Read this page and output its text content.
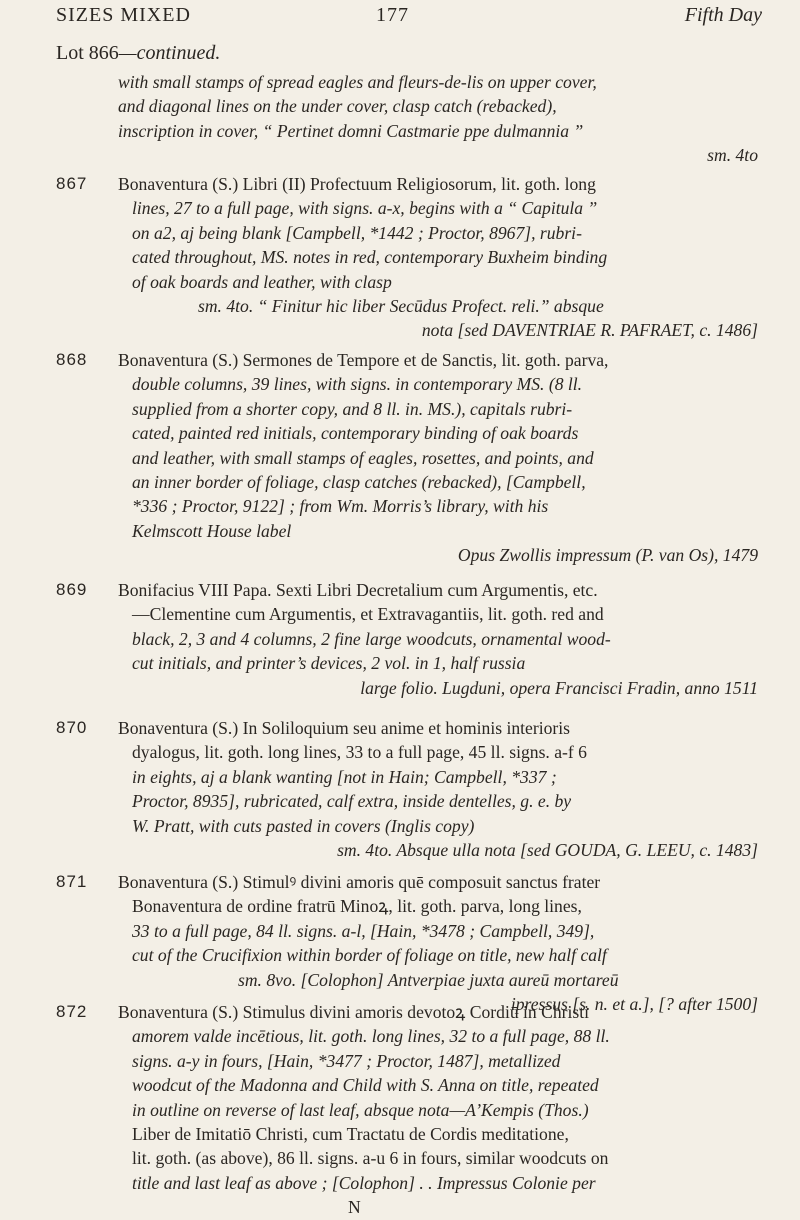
SIZES MIXED	177	Fifth Day
Lot 866—continued.
with small stamps of spread eagles and fleurs-de-lis on upper cover,
and diagonal lines on the under cover, clasp catch (rebacked),
inscription in cover, “ Pertinet domni Castmarie ppe dulmannia ”
sm. 4to
867	Bonaventura (S.) Libri (II) Profectuum Religiosorum, lit. goth. long
lines, 27 to a full page, with signs. a-x, begins with a “ Capitula ”
on a2, aj being blank [Campbell, *1442 ; Proctor, 8967], rubri-
cated throughout, MS. notes in red, contemporary Buxheim binding
of oak boards and leather, with clasp
sm. 4to. “ Finitur hic liber Secūdus Profect. reli.” absque
nota [sed DAVENTRIAE R. PAFRAET, c. 1486]
868	Bonaventura (S.) Sermones de Tempore et de Sanctis, lit. goth. parva,
double columns, 39 lines, with signs. in contemporary MS. (8 ll.
supplied from a shorter copy, and 8 ll. in. MS.), capitals rubri-
cated, painted red initials, contemporary binding of oak boards
and leather, with small stamps of eagles, rosettes, and points, and
an inner border of foliage, clasp catches (rebacked), [Campbell,
*336 ; Proctor, 9122] ; from Wm. Morris’s library, with his
Kelmscott House label
Opus Zwollis impressum (P. van Os), 1479
869	Bonifacius VIII Papa. Sexti Libri Decretalium cum Argumentis, etc.
—Clementine cum Argumentis, et Extravagantiis, lit. goth. red and
black, 2, 3 and 4 columns, 2 fine large woodcuts, ornamental wood-
cut initials, and printer’s devices, 2 vol. in 1, half russia
large folio. Lugduni, opera Francisci Fradin, anno 1511
870	Bonaventura (S.) In Soliloquium seu anime et hominis interioris
dyalogus, lit. goth. long lines, 33 to a full page, 45 ll. signs. a-f 6
in eights, aj a blank wanting [not in Hain; Campbell, *337 ;
Proctor, 8935], rubricated, calf extra, inside dentelles, g. e. by
W. Pratt, with cuts pasted in covers (Inglis copy)
sm. 4to. Absque ulla nota [sed GOUDA, G. LEEU, c. 1483]
871	Bonaventura (S.) Stimulꝰ divini amoris quē composuit sanctus frater
Bonaventura de ordine fratrū Minoꝝ, lit. goth. parva, long lines,
33 to a full page, 84 ll. signs. a-l, [Hain, *3478 ; Campbell, 349],
cut of the Crucifixion within border of foliage on title, new half calf
sm. 8vo. [Colophon] Antverpiae juxta aureū mortareū
ipressus [s. n. et a.], [? after 1500]
872	Bonaventura (S.) Stimulus divini amoris devotoꝝ Cordiū in Christi
amorem valde incētious, lit. goth. long lines, 32 to a full page, 88 ll.
signs. a-y in fours, [Hain, *3477 ; Proctor, 1487], metallized
woodcut of the Madonna and Child with S. Anna on title, repeated
in outline on reverse of last leaf, absque nota—A’Kempis (Thos.)
Liber de Imitatiō Christi, cum Tractatu de Cordis meditatione,
lit. goth. (as above), 86 ll. signs. a-u 6 in fours, similar woodcuts on
title and last leaf as above ; [Colophon] . . Impressus Colonie per
N
